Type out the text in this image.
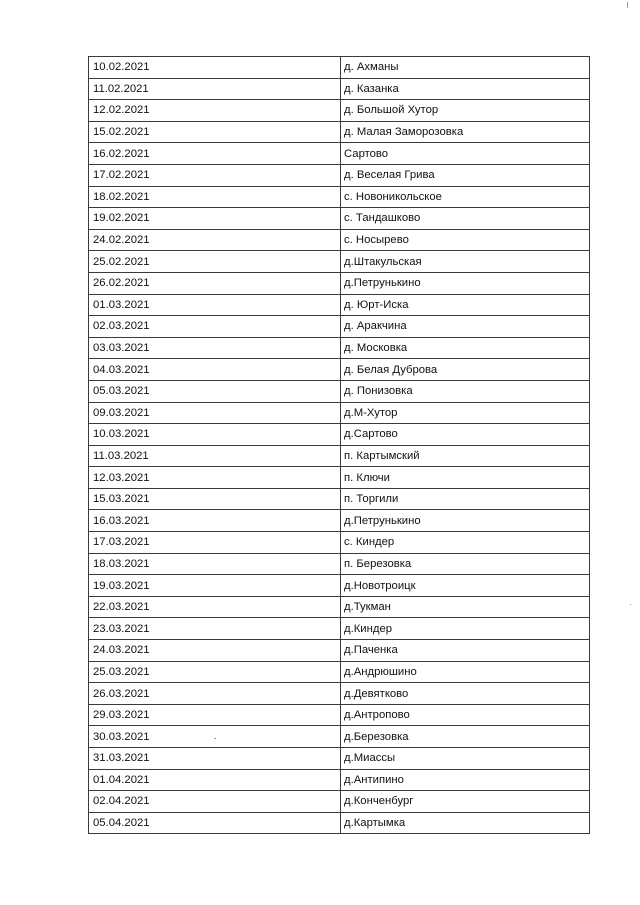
10.02.2021	д. Ахманы
11.02.2021	д. Казанка
12.02.2021	д. Большой Хутор
15.02.2021	д. Малая Заморозовка
16.02.2021	Сартово
17.02.2021	д. Веселая Грива
18.02.2021	с. Новоникольское
19.02.2021	с. Тандашково
24.02.2021	с. Носырево
25.02.2021	д.Штакульская
26.02.2021	д.Петрунькино
01.03.2021	д. Юрт-Иска
02.03.2021	д. Аракчина
03.03.2021	д. Московка
04.03.2021	д. Белая Дуброва
05.03.2021	д. Понизовка
09.03.2021	д.М-Хутор
10.03.2021	д.Сартово
11.03.2021	п. Картымский
12.03.2021	п. Ключи
15.03.2021	п. Торгили
16.03.2021	д.Петрунькино
17.03.2021	с. Киндер
18.03.2021	п. Березовка
19.03.2021	д.Новотроицк
22.03.2021	д.Тукман
23.03.2021	д.Киндер
24.03.2021	д.Паченка
25.03.2021	д.Андрюшино
26.03.2021	д.Девятково
29.03.2021	д.Антропово
30.03.2021	д.Березовка
31.03.2021	д.Миассы
01.04.2021	д.Антипино
02.04.2021	д.Конченбург
05.04.2021	д.Картымка
